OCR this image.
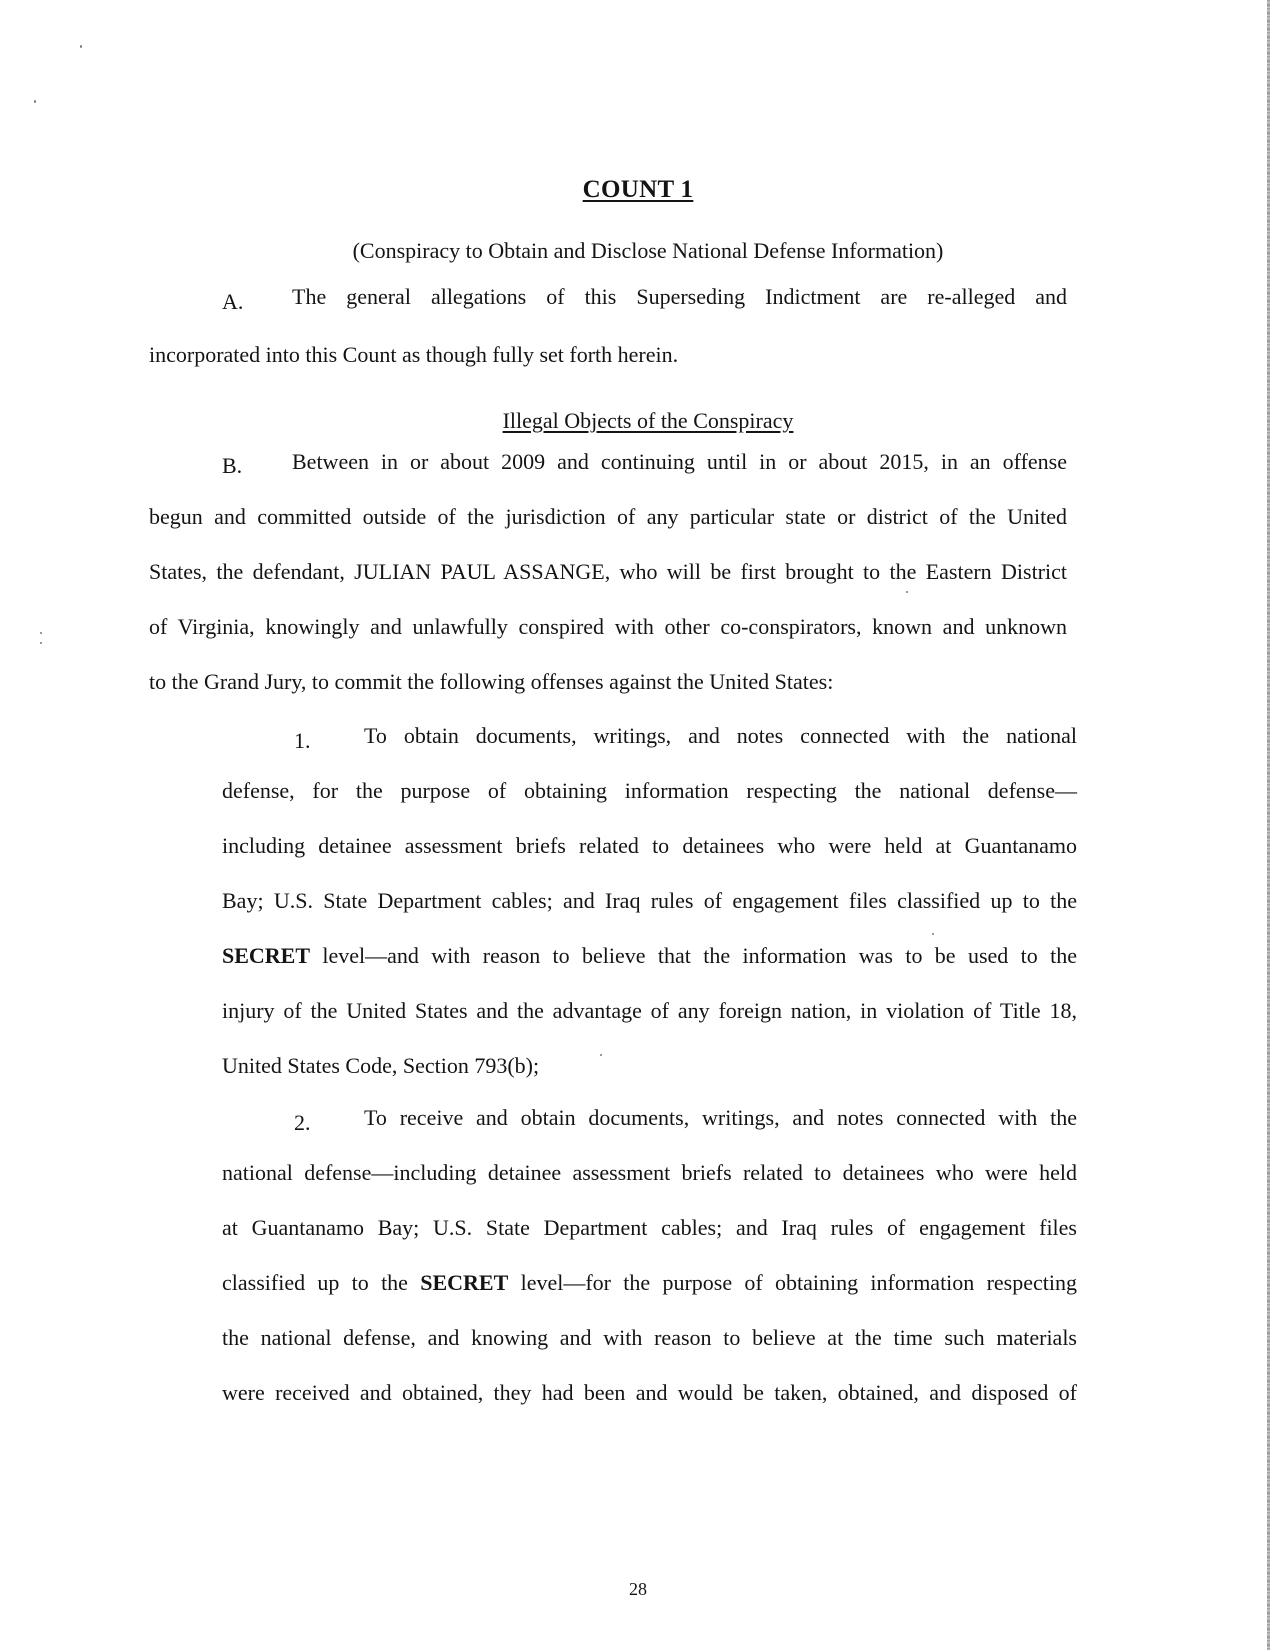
COUNT 1
(Conspiracy to Obtain and Disclose National Defense Information)
A. The general allegations of this Superseding Indictment are re-alleged and
incorporated into this Count as though fully set forth herein.
Illegal Objects of the Conspiracy
B. Between in or about 2009 and continuing until in or about 2015, in an offense
begun and committed outside of the jurisdiction of any particular state or district of the United
States, the defendant, JULIAN PAUL ASSANGE, who will be first brought to the Eastern District
of Virginia, knowingly and unlawfully conspired with other co-conspirators, known and unknown
to the Grand Jury, to commit the following offenses against the United States:
1. To obtain documents, writings, and notes connected with the national
defense, for the purpose of obtaining information respecting the national defense—
including detainee assessment briefs related to detainees who were held at Guantanamo
Bay; U.S. State Department cables; and Iraq rules of engagement files classified up to the
SECRET level—and with reason to believe that the information was to be used to the
injury of the United States and the advantage of any foreign nation, in violation of Title 18,
United States Code, Section 793(b);
2. To receive and obtain documents, writings, and notes connected with the
national defense—including detainee assessment briefs related to detainees who were held
at Guantanamo Bay; U.S. State Department cables; and Iraq rules of engagement files
classified up to the SECRET level—for the purpose of obtaining information respecting
the national defense, and knowing and with reason to believe at the time such materials
were received and obtained, they had been and would be taken, obtained, and disposed of
28
